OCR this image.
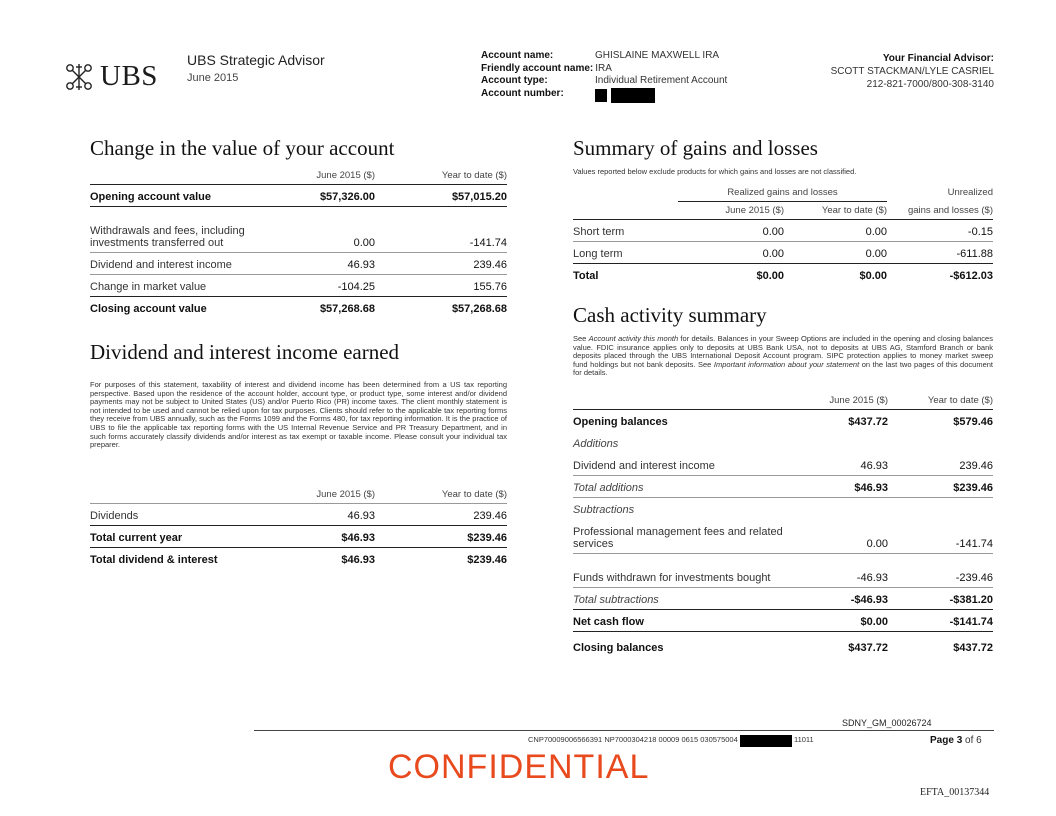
UBS UBS Strategic Advisor
June 2015
Account name:	GHISLAINE MAXWELL IRA
Friendly account name: IRA
Account type:	Individual Retirement Account
Account number:
Your Financial Advisor:
SCOTT STACKMAN/LYLE CASRIEL
212-821-7000/800-308-3140
Change in the value of your account
	June 2015 ($)	Year to date ($)
Opening account value	$57,326.00	$57,015.20
Withdrawals and fees, including investments transferred out	0.00	-141.74
Dividend and interest income	46.93	239.46
Change in market value	-104.25	155.76
Closing account value	$57,268.68	$57,268.68
Dividend and interest income earned
For purposes of this statement, taxability of interest and dividend income has been determined from a US tax reporting perspective. Based upon the residence of the account holder, account type, or product type, some interest and/or dividend payments may not be subject to United States (US) and/or Puerto Rico (PR) income taxes. The client monthly statement is not intended to be used and cannot be relied upon for tax purposes. Clients should refer to the applicable tax reporting forms they receive from UBS annually, such as the Forms 1099 and the Forms 480, for tax reporting information. It is the practice of UBS to file the applicable tax reporting forms with the US Internal Revenue Service and PR Treasury Department, and in such forms accurately classify dividends and/or interest as tax exempt or taxable income. Please consult your individual tax preparer.
	June 2015 ($)	Year to date ($)
Dividends	46.93	239.46
Total current year	$46.93	$239.46
Total dividend & interest	$46.93	$239.46
Summary of gains and losses
Values reported below exclude products for which gains and losses are not classified.
	Realized gains and losses		Unrealized
	June 2015 ($)	Year to date ($)	gains and losses ($)
Short term	0.00	0.00	-0.15
Long term	0.00	0.00	-611.88
Total	$0.00	$0.00	-$612.03
Cash activity summary
See Account activity this month for details. Balances in your Sweep Options are included in the opening and closing balances value. FDIC insurance applies only to deposits at UBS Bank USA, not to deposits at UBS AG, Stamford Branch or bank deposits placed through the UBS International Deposit Account program. SIPC protection applies to money market sweep fund holdings but not bank deposits. See Important information about your statement on the last two pages of this document for details.
	June 2015 ($)	Year to date ($)
Opening balances	$437.72	$579.46
Additions		
Dividend and interest income	46.93	239.46
Total additions	$46.93	$239.46
Subtractions		
Professional management fees and related services	0.00	-141.74
Funds withdrawn for investments bought	-46.93	-239.46
Total subtractions	-$46.93	-$381.20
Net cash flow	$0.00	-$141.74
Closing balances	$437.72	$437.72
SDNY_GM_00026724
CNP70009006566391 NP7000304218 00009 0615 030575004	11011	Page 3 of 6
CONFIDENTIAL
EFTA_00137344
